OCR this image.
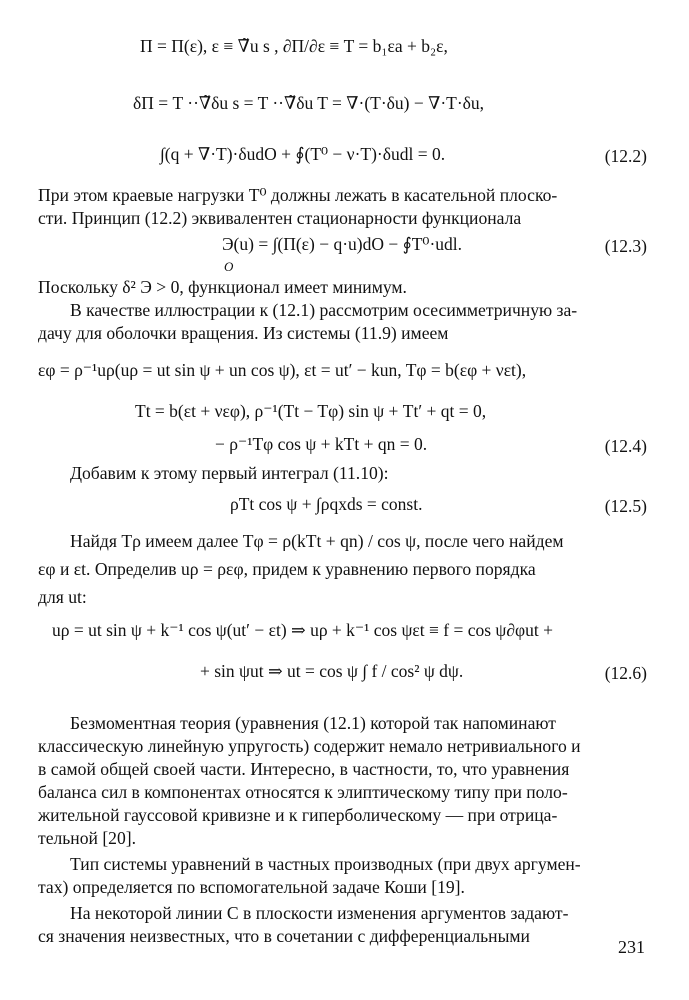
Π = Π(ε), ε ≡ ∇̃u s , ∂Π/∂ε ≡ T = b₁εa + b₂ε,
δΠ = T ··∇̃δu s = T ··∇̃δu T = ∇·(T·δu) − ∇·T·δu,
∫(q + ∇·T)·δudO + ∮(T⁰ − ν·T)·δudl = 0.	(12.2)
При этом краевые нагрузки T⁰ должны лежать в касательной плоско-
сти. Принцип (12.2) эквивалентен стационарности функционала
Э(u) = ∫(Π(ε) − q·u)dO − ∮T⁰·udl.
O
(12.3)
Поскольку δ² Э > 0, функционал имеет минимум.
В качестве иллюстрации к (12.1) рассмотрим осесимметричную за-
дачу для оболочки вращения. Из системы (11.9) имеем
εφ = ρ⁻¹uρ(uρ = ut sin ψ + un cos ψ), εt = ut′ − kun, Tφ = b(εφ + νεt),
Tt = b(εt + νεφ), ρ⁻¹(Tt − Tφ) sin ψ + Tt′ + qt = 0,
− ρ⁻¹Tφ cos ψ + kTt + qn = 0.	(12.4)
Добавим к этому первый интеграл (11.10):
ρTt cos ψ + ∫ρqxds = const.	(12.5)
Найдя Tρ имеем далее Tφ = ρ(kTt + qn) / cos ψ, после чего найдем
εφ и εt. Определив uρ = ρεφ, придем к уравнению первого порядка
для ut:
uρ = ut sin ψ + k⁻¹ cos ψ(ut′ − εt) ⇒ uρ + k⁻¹ cos ψεt ≡ f = cos ψ∂φut +
+ sin ψut ⇒ ut = cos ψ ∫ f / cos² ψ dψ.	(12.6)
Безмоментная теория (уравнения (12.1) которой так напоминают
классическую линейную упругость) содержит немало нетривиального и
в самой общей своей части. Интересно, в частности, то, что уравнения
баланса сил в компонентах относятся к элиптическому типу при поло-
жительной гауссовой кривизне и к гиперболическому — при отрица-
тельной [20].
Тип системы уравнений в частных производных (при двух аргумен-
тах) определяется по вспомогательной задаче Коши [19].
На некоторой линии C в плоскости изменения аргументов задают-
ся значения неизвестных, что в сочетании с дифференциальными
231
